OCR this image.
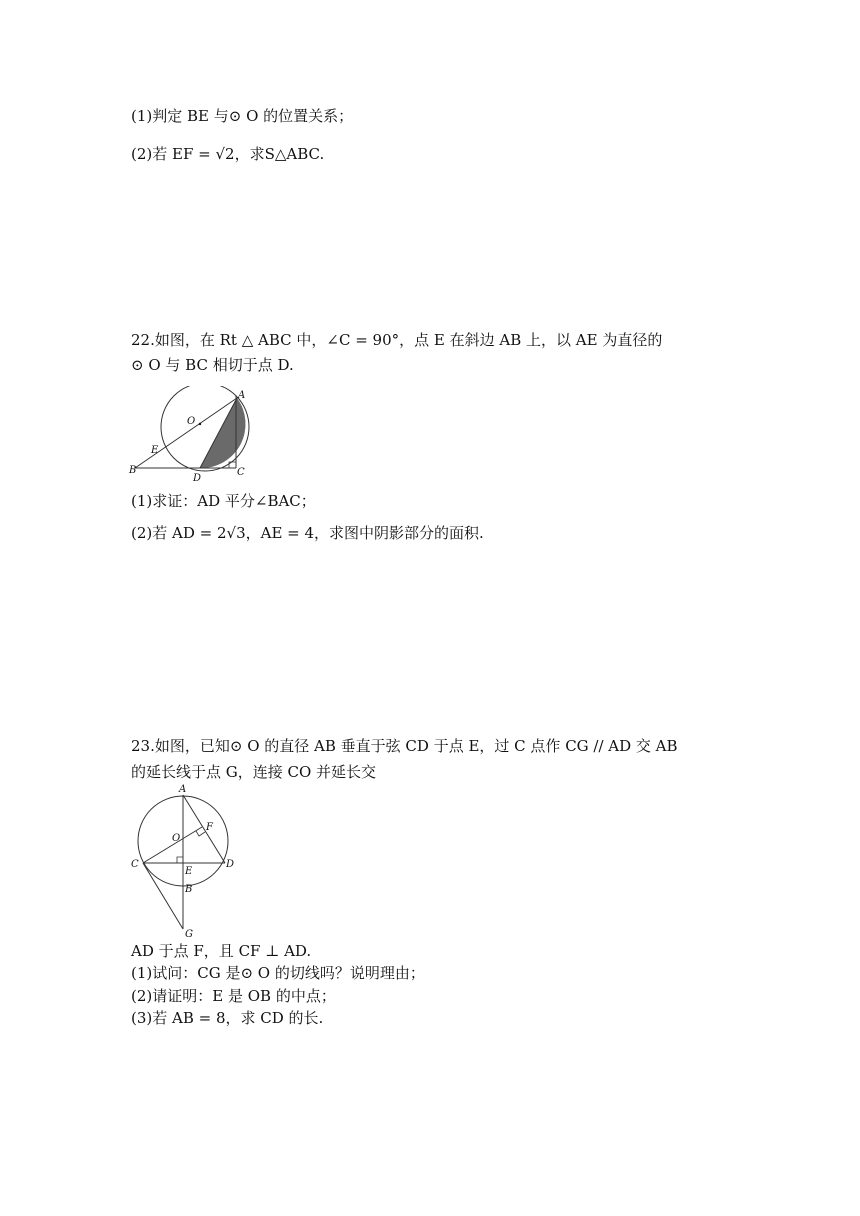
(1)判定 BE 与⊙ O 的位置关系；
(2)若 EF = √2，求S△ABC.
22.如图，在 Rt △ ABC 中，∠C = 90°，点 E 在斜边 AB 上，以 AE 为直径的
⊙ O 与 BC 相切于点 D.
A
O
E
B
D
C
(1)求证：AD 平分∠BAC；
(2)若 AD = 2√3，AE = 4，求图中阴影部分的面积.
23.如图，已知⊙ O 的直径 AB 垂直于弦 CD 于点 E，过 C 点作 CG // AD 交 AB
的延长线于点 G，连接 CO 并延长交
A
F
O
C
E
D
B
G
AD 于点 F，且 CF ⊥ AD.
(1)试问：CG 是⊙ O 的切线吗？说明理由；
(2)请证明：E 是 OB 的中点；
(3)若 AB = 8，求 CD 的长.
